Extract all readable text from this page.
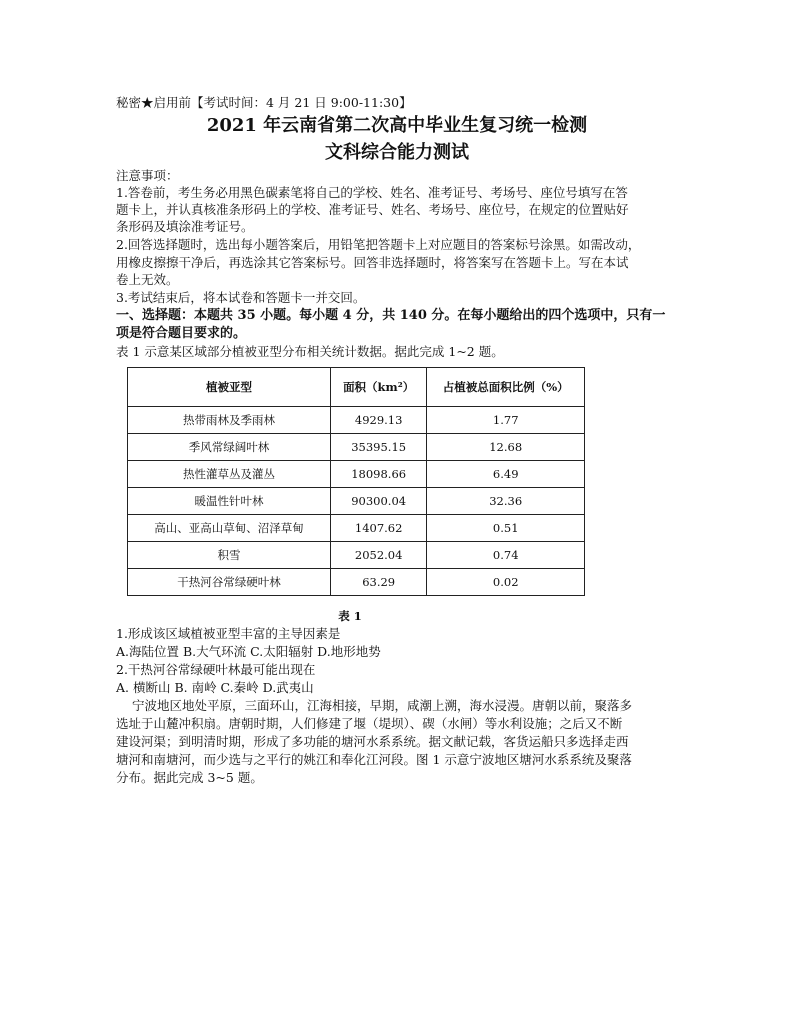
秘密★启用前【考试时间：4 月 21 日 9:00-11:30】
2021 年云南省第二次高中毕业生复习统一检测
文科综合能力测试
注意事项：
1.答卷前，考生务必用黑色碳素笔将自己的学校、姓名、准考证号、考场号、座位号填写在答
题卡上，并认真核准条形码上的学校、准考证号、姓名、考场号、座位号，在规定的位置贴好
条形码及填涂准考证号。
2.回答选择题时，选出每小题答案后，用铅笔把答题卡上对应题目的答案标号涂黑。如需改动，
用橡皮擦擦干净后，再选涂其它答案标号。回答非选择题时，将答案写在答题卡上。写在本试
卷上无效。
3.考试结束后，将本试卷和答题卡一并交回。
一、选择题：本题共 35 小题。每小题 4 分，共 140 分。在每小题给出的四个选项中，只有一
项是符合题目要求的。
表 1 示意某区域部分植被亚型分布相关统计数据。据此完成 1~2 题。
植被亚型	面积（km²）	占植被总面积比例（%）
热带雨林及季雨林	4929.13	1.77
季风常绿阔叶林	35395.15	12.68
热性灌草丛及灌丛	18098.66	6.49
暖温性针叶林	90300.04	32.36
高山、亚高山草甸、沼泽草甸	1407.62	0.51
积雪	2052.04	0.74
干热河谷常绿硬叶林	63.29	0.02
表 1
1.形成该区域植被亚型丰富的主导因素是
A.海陆位置 B.大气环流 C.太阳辐射 D.地形地势
2.干热河谷常绿硬叶林最可能出现在
A. 横断山 B. 南岭 C.秦岭 D.武夷山
宁波地区地处平原，三面环山，江海相接，早期，咸潮上溯，海水浸漫。唐朝以前，聚落多
选址于山麓冲积扇。唐朝时期，人们修建了堰（堤坝）、碶（水闸）等水利设施；之后又不断
建设河渠；到明清时期，形成了多功能的塘河水系系统。据文献记载，客货运船只多选择走西
塘河和南塘河，而少选与之平行的姚江和奉化江河段。图 1 示意宁波地区塘河水系系统及聚落
分布。据此完成 3~5 题。
